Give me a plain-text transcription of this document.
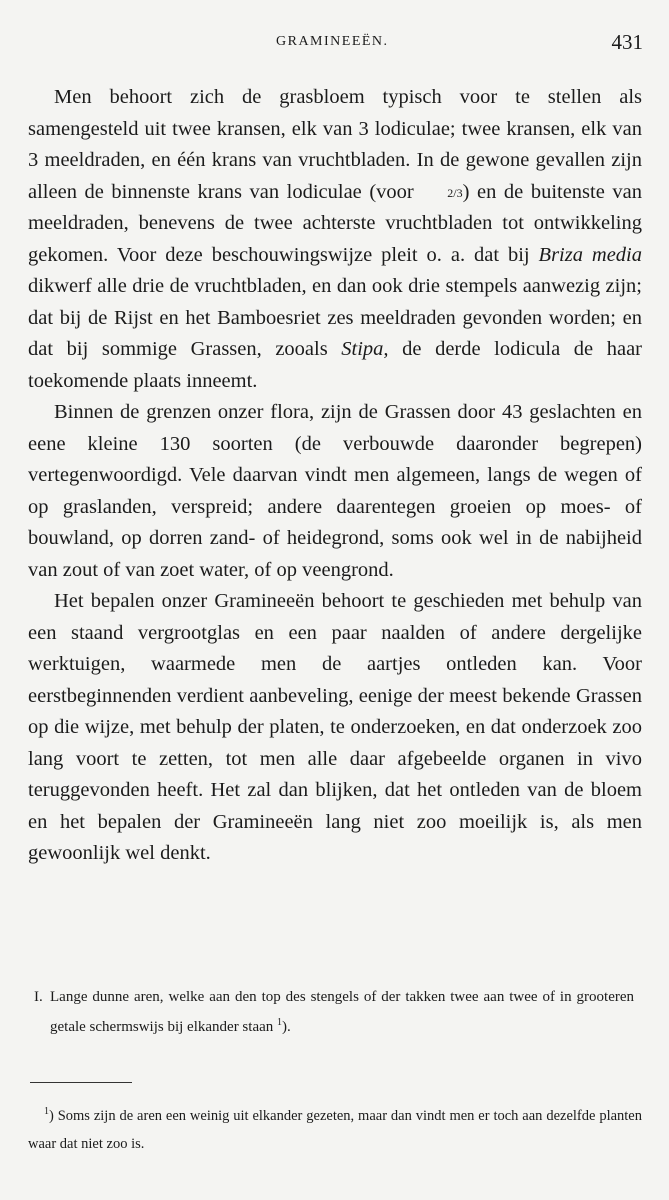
GRAMINEEËN.	431

Men behoort zich de grasbloem typisch voor te stellen als samengesteld uit twee kransen, elk van 3 lodiculae; twee kransen, elk van 3 meeldraden, en één krans van vruchtbladen. In de gewone gevallen zijn alleen de binnenste krans van lodiculae (voor 2/3) en de buitenste van meeldraden, benevens de twee achterste vruchtbladen tot ontwikkeling gekomen. Voor deze beschouwingswijze pleit o. a. dat bij Briza media dikwerf alle drie de vruchtbladen, en dan ook drie stempels aanwezig zijn; dat bij de Rijst en het Bamboesriet zes meeldraden gevonden worden; en dat bij sommige Grassen, zooals Stipa, de derde lodicula de haar toekomende plaats inneemt.

Binnen de grenzen onzer flora, zijn de Grassen door 43 geslachten en eene kleine 130 soorten (de verbouwde daaronder begrepen) vertegenwoordigd. Vele daarvan vindt men algemeen, langs de wegen of op graslanden, verspreid; andere daarentegen groeien op moes- of bouwland, op dorren zand- of heidegrond, soms ook wel in de nabijheid van zout of van zoet water, of op veengrond.

Het bepalen onzer Gramineeën behoort te geschieden met behulp van een staand vergrootglas en een paar naalden of andere dergelijke werktuigen, waarmede men de aartjes ontleden kan. Voor eerstbeginnenden verdient aanbeveling, eenige der meest bekende Grassen op die wijze, met behulp der platen, te onderzoeken, en dat onderzoek zoo lang voort te zetten, tot men alle daar afgebeelde organen in vivo teruggevonden heeft. Het zal dan blijken, dat het ontleden van de bloem en het bepalen der Gramineeën lang niet zoo moeilijk is, als men gewoonlijk wel denkt.

I. Lange dunne aren, welke aan den top des stengels of der takken twee aan twee of in grooteren getale schermswijs bij elkander staan $^1$).
$^1$) Soms zijn de aren een weinig uit elkander gezeten, maar dan vindt men er toch aan dezelfde planten waar dat niet zoo is.
